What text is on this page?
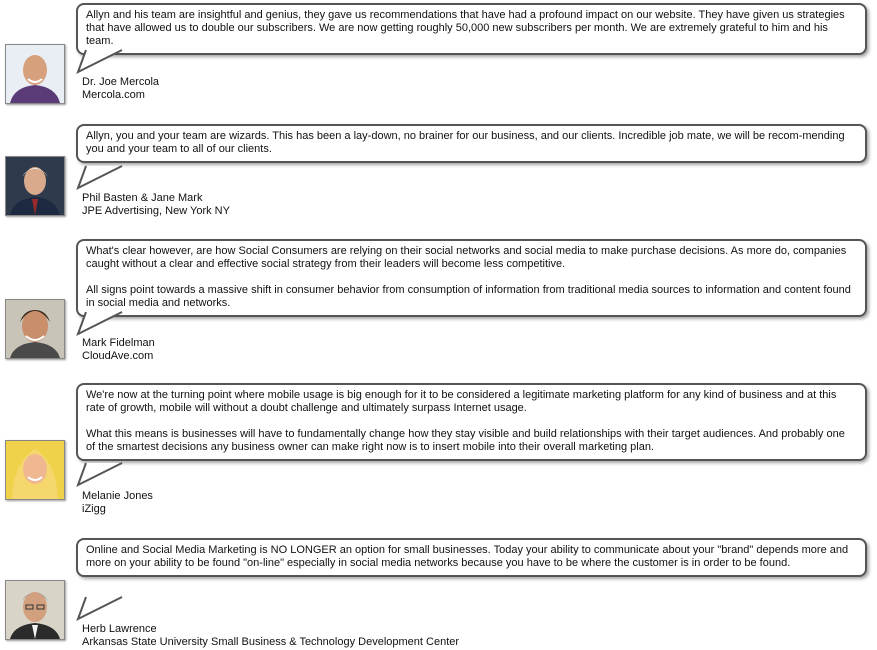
Allyn and his team are insightful and genius, they gave us recommendations that have had a profound impact on our website. They have given us strategies that have allowed us to double our subscribers. We are now getting roughly 50,000 new subscribers per month. We are extremely grateful to him and his team.

Dr. Joe Mercola
Mercola.com

Allyn, you and your team are wizards. This has been a lay-down, no brainer for our business, and our clients. Incredible job mate, we will be recom-mending you and your team to all of our clients.

Phil Basten & Jane Mark
JPE Advertising, New York NY

What's clear however, are how Social Consumers are relying on their social networks and social media to make purchase decisions. As more do, companies caught without a clear and effective social strategy from their leaders will become less competitive.

All signs point towards a massive shift in consumer behavior from consumption of information from traditional media sources to information and content found in social media and networks.

Mark Fidelman
CloudAve.com

We're now at the turning point where mobile usage is big enough for it to be considered a legitimate marketing platform for any kind of business and at this rate of growth, mobile will without a doubt challenge and ultimately surpass Internet usage.

What this means is businesses will have to fundamentally change how they stay visible and build relationships with their target audiences. And probably one of the smartest decisions any business owner can make right now is to insert mobile into their overall marketing plan.

Melanie Jones
iZigg

Online and Social Media Marketing is NO LONGER an option for small businesses. Today your ability to communicate about your "brand" depends more and more on your ability to be found "on-line" especially in social media networks because you have to be where the customer is in order to be found.

Herb Lawrence
Arkansas State University Small Business & Technology Development Center
